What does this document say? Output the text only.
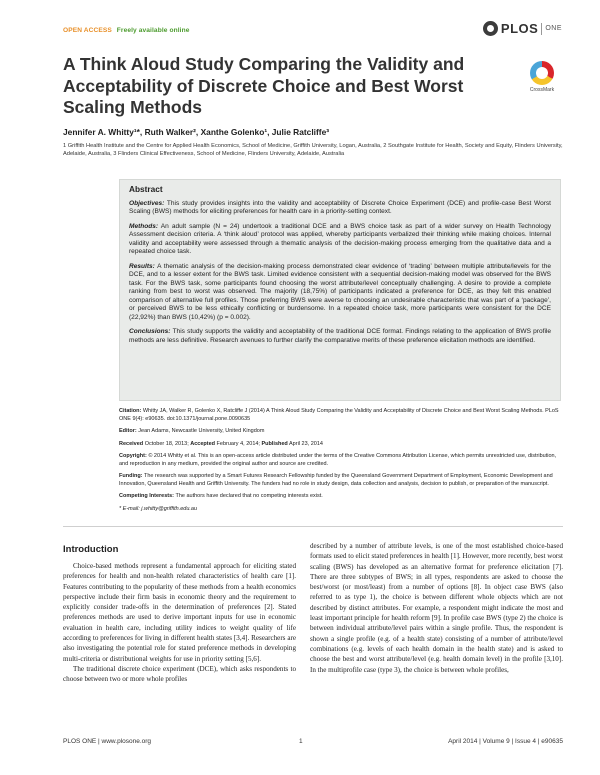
OPEN ACCESS Freely available online	PLOS ONE
A Think Aloud Study Comparing the Validity and Acceptability of Discrete Choice and Best Worst Scaling Methods
CrossMark
Jennifer A. Whitty¹*, Ruth Walker², Xanthe Golenko¹, Julie Ratcliffe³
1 Griffith Health Institute and the Centre for Applied Health Economics, School of Medicine, Griffith University, Logan, Australia, 2 Southgate Institute for Health, Society and Equity, Flinders University, Adelaide, Australia, 3 Flinders Clinical Effectiveness, School of Medicine, Flinders University, Adelaide, Australia
Abstract

Objectives: This study provides insights into the validity and acceptability of Discrete Choice Experiment (DCE) and profile-case Best Worst Scaling (BWS) methods for eliciting preferences for health care in a priority-setting context.

Methods: An adult sample (N = 24) undertook a traditional DCE and a BWS choice task as part of a wider survey on Health Technology Assessment decision criteria. A ‘think aloud’ protocol was applied, whereby participants verbalized their thinking while making choices. Internal validity and acceptability were assessed through a thematic analysis of the decision-making process emerging from the qualitative data and a repeated choice task.

Results: A thematic analysis of the decision-making process demonstrated clear evidence of ‘trading’ between multiple attribute/levels for the DCE, and to a lesser extent for the BWS task. Limited evidence consistent with a sequential decision-making model was observed for the BWS task. For the BWS task, some participants found choosing the worst attribute/level conceptually challenging. A desire to provide a complete ranking from best to worst was observed. The majority (18,75%) of participants indicated a preference for DCE, as they felt this enabled comparison of alternative full profiles. Those preferring BWS were averse to choosing an undesirable characteristic that was part of a ‘package’, or perceived BWS to be less ethically conflicting or burdensome. In a repeated choice task, more participants were consistent for the DCE (22,92%) than BWS (10,42%) (p = 0.002).

Conclusions: This study supports the validity and acceptability of the traditional DCE format. Findings relating to the application of BWS profile methods are less definitive. Research avenues to further clarify the comparative merits of these preference elicitation methods are identified.

Citation: Whitty JA, Walker R, Golenko X, Ratcliffe J (2014) A Think Aloud Study Comparing the Validity and Acceptability of Discrete Choice and Best Worst Scaling Methods. PLoS ONE 9(4): e90635. doi:10.1371/journal.pone.0090635

Editor: Jean Adams, Newcastle University, United Kingdom

Received October 18, 2013; Accepted February 4, 2014; Published April 23, 2014

Copyright: © 2014 Whitty et al. This is an open-access article distributed under the terms of the Creative Commons Attribution License, which permits unrestricted use, distribution, and reproduction in any medium, provided the original author and source are credited.

Funding: The research was supported by a Smart Futures Research Fellowship funded by the Queensland Government Department of Employment, Economic Development and Innovation, Queensland Health and Griffith University. The funders had no role in study design, data collection and analysis, decision to publish, or preparation of the manuscript.

Competing Interests: The authors have declared that no competing interests exist.

* E-mail: j.whitty@griffith.edu.au

Introduction

Choice-based methods represent a fundamental approach for eliciting stated preferences for health and non-health related characteristics of health care [1]. Features contributing to the popularity of these methods from a health economics perspective include their firm basis in economic theory and the requirement to explicitly consider trade-offs in the determination of preferences [2]. Stated preferences methods are used to derive important inputs for use in economic evaluation in health care, including utility indices to weight quality of life according to preferences for living in different health states [3,4]. Researchers are also investigating the potential role for stated preference methods in developing multi-criteria or distributional weights for use in priority setting [5,6].

The traditional discrete choice experiment (DCE), which asks respondents to choose between two or more whole profiles

described by a number of attribute levels, is one of the most established choice-based formats used to elicit stated preferences in health [1]. However, more recently, best worst scaling (BWS) has developed as an alternative format for preference elicitation [7]. There are three subtypes of BWS; in all types, respondents are asked to choose the best/worst (or most/least) from a number of options [8]. In object case BWS (also referred to as type 1), the choice is between different whole objects which are not described by distinct attributes. For example, a respondent might indicate the most and least important principle for health reform [9]. In profile case BWS (type 2) the choice is between individual attribute/level pairs within a single profile. Thus, the respondent is shown a single profile (e.g. of a health state) consisting of a number of attribute/level combinations (e.g. levels of each health domain in the health state) and is asked to choose the best and worst attribute/level (e.g. health domain level) in the profile [3,10]. In the multiprofile case (type 3), the choice is between whole profiles,

PLOS ONE | www.plosone.org	1	April 2014 | Volume 9 | Issue 4 | e90635
